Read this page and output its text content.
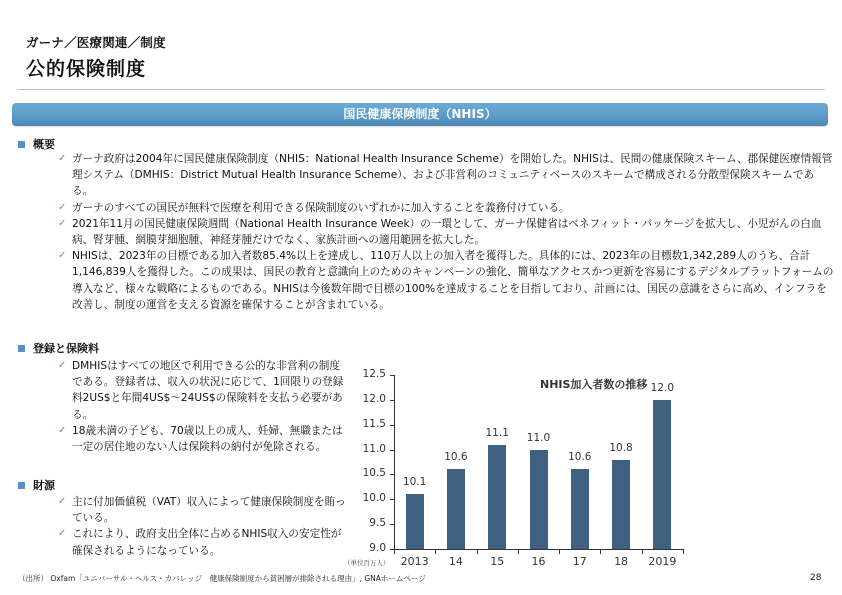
ガーナ／医療関連／制度
公的保険制度
国民健康保険制度（NHIS）
概要
✓ ガーナ政府は2004年に国民健康保険制度（NHIS：National Health Insurance Scheme）を開始した。NHISは、民間の健康保険スキーム、郡保健医療情報管理システム（DMHIS：District Mutual Health Insurance Scheme）、および非営利のコミュニティベースのスキームで構成される分散型保険スキームである。
✓ ガーナのすべての国民が無料で医療を利用できる保険制度のいずれかに加入することを義務付けている。
✓ 2021年11月の国民健康保険週間（National Health Insurance Week）の一環として、ガーナ保健省はベネフィット・パッケージを拡大し、小児がんの白血病、腎芽腫、網膜芽細胞腫、神経芽腫だけでなく、家族計画への適用範囲を拡大した。
✓ NHISは、2023年の目標である加入者数85.4%以上を達成し、110万人以上の加入者を獲得した。具体的には、2023年の目標数1,342,289人のうち、合計1,146,839人を獲得した。この成果は、国民の教育と意識向上のためのキャンペーンの強化、簡単なアクセスかつ更新を容易にするデジタルプラットフォームの導入など、様々な戦略によるものである。NHISは今後数年間で目標の100%を達成することを目指しており、計画には、国民の意識をさらに高め、インフラを改善し、制度の運営を支える資源を確保することが含まれている。
登録と保険料
✓ DMHISはすべての地区で利用できる公的な非営利の制度である。登録者は、収入の状況に応じて、1回限りの登録料2US$と年間4US$～24US$の保険料を支払う必要がある。
✓ 18歳未満の子ども、70歳以上の成人、妊婦、無職または一定の居住地のない人は保険料の納付が免除される。
財源
✓ 主に付加価値税（VAT）収入によって健康保険制度を賄っている。
✓ これにより、政府支出全体に占めるNHIS収入の安定性が確保されるようになっている。
NHIS加入者数の推移
12.5
12.0
11.5
11.0
10.5
10.0
9.5
9.0
10.1
2013
10.6
14
11.1
15
11.0
16
10.6
17
10.8
18
12.0
2019
（単位百万人）
（出所） Oxfam「ユニバーサル・ヘルス・カバレッジ　健康保険制度から貧困層が排除される理由」, GNAホームページ	28
